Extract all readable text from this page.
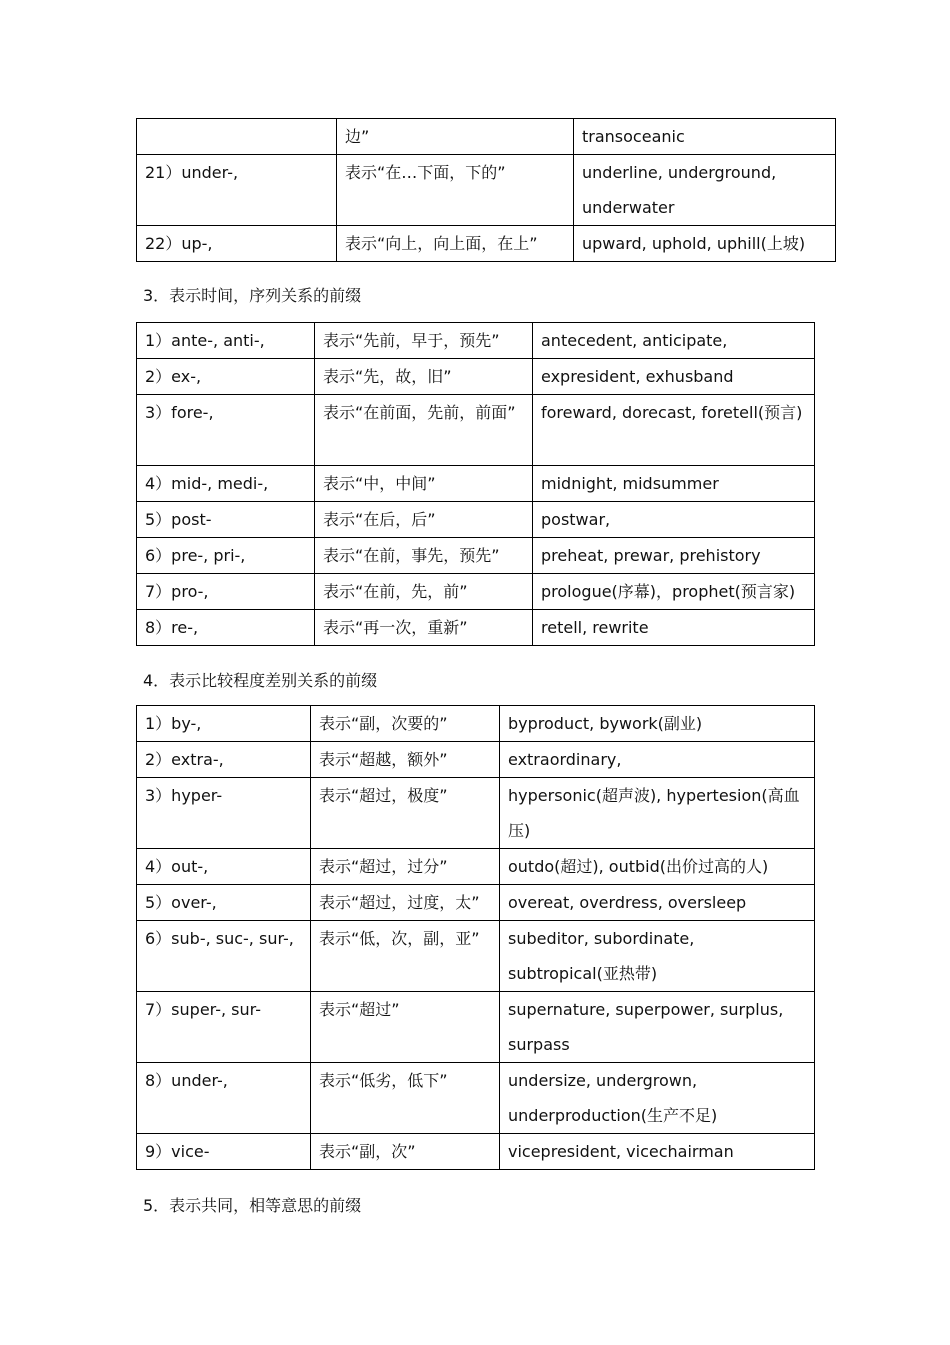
	边”	transoceanic
21）under-,	表示“在…下面，下的”	underline, underground, underwater
22）up-,	表示“向上，向上面，在上”	upward, uphold, uphill(上坡)
3．表示时间，序列关系的前缀
1）ante-, anti-,	表示“先前，早于，预先”	antecedent, anticipate,
2）ex-,	表示“先，故，旧”	expresident, exhusband
3）fore-,	表示“在前面，先前，前面”	foreward, dorecast, foretell(预言)
4）mid-, medi-,	表示“中，中间”	midnight, midsummer
5）post-	表示“在后，后”	postwar,
6）pre-, pri-,	表示“在前，事先，预先”	preheat, prewar, prehistory
7）pro-,	表示“在前，先，前”	prologue(序幕)，prophet(预言家)
8）re-,	表示“再一次，重新”	retell, rewrite
4．表示比较程度差别关系的前缀
1）by-,	表示“副，次要的”	byproduct, bywork(副业)
2）extra-,	表示“超越，额外”	extraordinary,
3）hyper-	表示“超过，极度”	hypersonic(超声波), hypertesion(高血压)
4）out-,	表示“超过，过分”	outdo(超过), outbid(出价过高的人)
5）over-,	表示“超过，过度，太”	overeat, overdress, oversleep
6）sub-, suc-, sur-,	表示“低，次，副，亚”	subeditor, subordinate, subtropical(亚热带)
7）super-, sur-	表示“超过”	supernature, superpower, surplus, surpass
8）under-,	表示“低劣，低下”	undersize, undergrown, underproduction(生产不足)
9）vice-	表示“副，次”	vicepresident, vicechairman
5．表示共同，相等意思的前缀
